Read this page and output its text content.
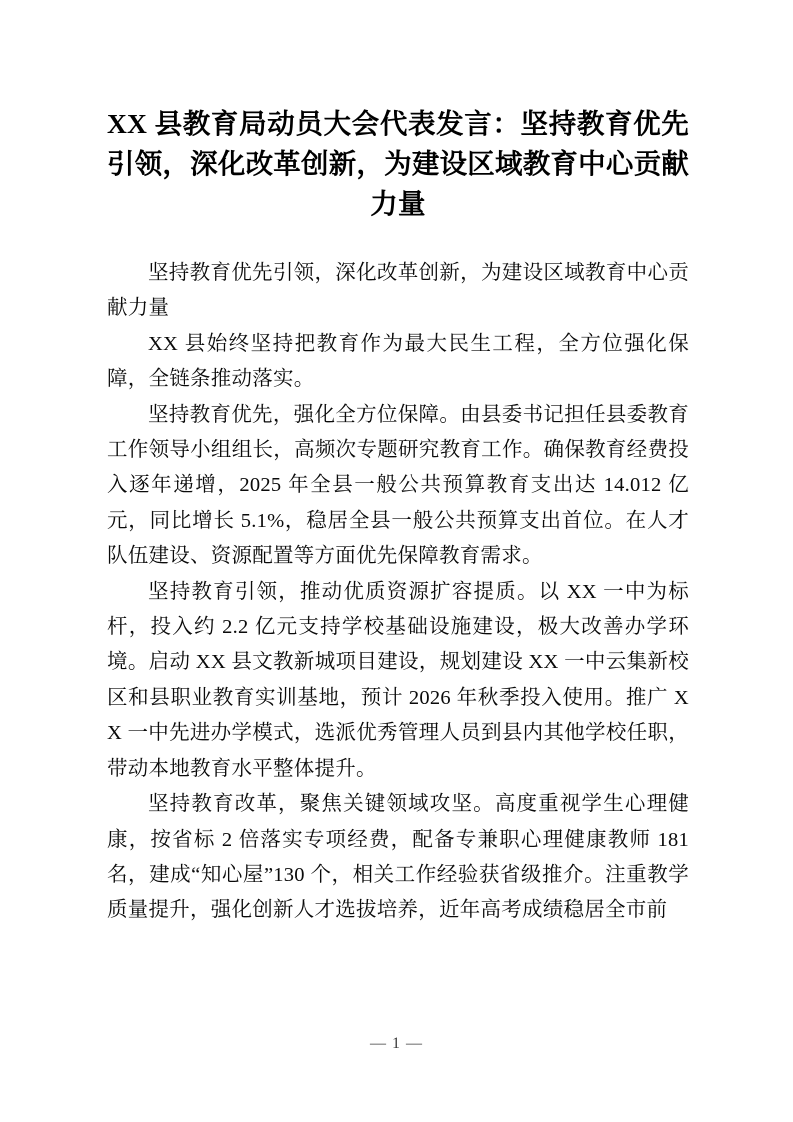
XX 县教育局动员大会代表发言：坚持教育优先引领，深化改革创新，为建设区域教育中心贡献力量

坚持教育优先引领，深化改革创新，为建设区域教育中心贡献力量

XX 县始终坚持把教育作为最大民生工程，全方位强化保障，全链条推动落实。

坚持教育优先，强化全方位保障。由县委书记担任县委教育工作领导小组组长，高频次专题研究教育工作。确保教育经费投入逐年递增，2025 年全县一般公共预算教育支出达 14.012 亿元，同比增长 5.1%，稳居全县一般公共预算支出首位。在人才队伍建设、资源配置等方面优先保障教育需求。

坚持教育引领，推动优质资源扩容提质。以 XX 一中为标杆，投入约 2.2 亿元支持学校基础设施建设，极大改善办学环境。启动 XX 县文教新城项目建设，规划建设 XX 一中云集新校区和县职业教育实训基地，预计 2026 年秋季投入使用。推广 XX 一中先进办学模式，选派优秀管理人员到县内其他学校任职，带动本地教育水平整体提升。

坚持教育改革，聚焦关键领域攻坚。高度重视学生心理健康，按省标 2 倍落实专项经费，配备专兼职心理健康教师 181 名，建成“知心屋”130 个，相关工作经验获省级推介。注重教学质量提升，强化创新人才选拔培养，近年高考成绩稳居全市前

— 1 —
